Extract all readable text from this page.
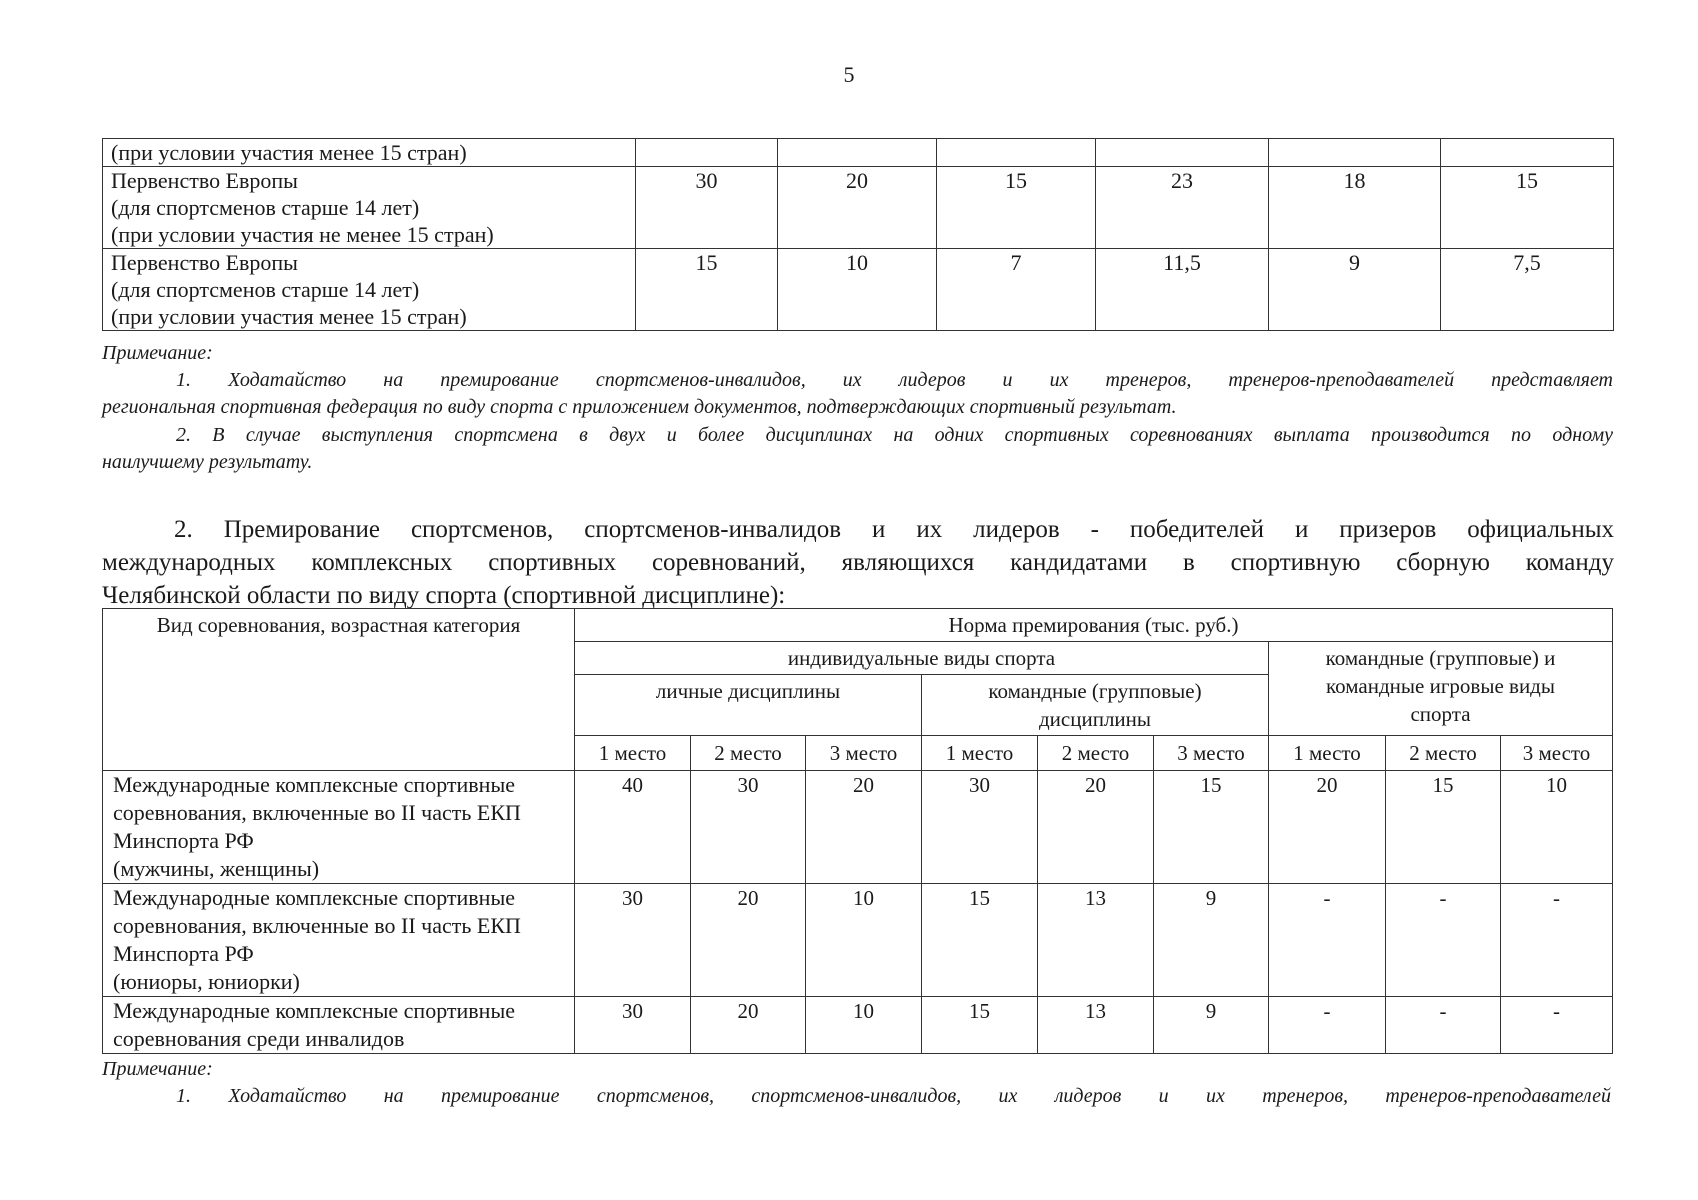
5
(при условии участия менее 15 стран)						

Первенство Европы
(для спортсменов старше 14 лет)
(при условии участия не менее 15 стран)	30	20	15	23	18	15

Первенство Европы
(для спортсменов старше 14 лет)
(при условии участия менее 15 стран)	15	10	7	11,5	9	7,5
Примечание:
1. Ходатайство на премирование спортсменов-инвалидов, их лидеров и их тренеров, тренеров-преподавателей представляет
региональная спортивная федерация по виду спорта с приложением документов, подтверждающих спортивный результат.
2. В случае выступления спортсмена в двух и более дисциплинах на одних спортивных соревнованиях выплата производится по одному
наилучшему результату.
2. Премирование спортсменов, спортсменов-инвалидов и их лидеров - победителей и призеров официальных
международных комплексных спортивных соревнований, являющихся кандидатами в спортивную сборную команду
Челябинской области по виду спорта (спортивной дисциплине):
Вид соревнования, возрастная категория	Норма премирования (тыс. руб.)								
	индивидуальные виды спорта						командные (групповые) и
командные игровые виды
спорта		

	личные дисциплины			командные (групповые)
дисциплины					

	1 место	2 место	3 место	1 место	2 место	3 место	1 место	2 место	3 место

Международные комплексные спортивные
соревнования, включенные во II часть ЕКП
Минспорта РФ
(мужчины, женщины)	40	30	20	30	20	15	20	15	10

Международные комплексные спортивные
соревнования, включенные во II часть ЕКП
Минспорта РФ
(юниоры, юниорки)	30	20	10	15	13	9	-	-	-

Международные комплексные спортивные
соревнования среди инвалидов	30	20	10	15	13	9	-	-	-
Примечание:
1. Ходатайство на премирование спортсменов, спортсменов-инвалидов, их лидеров и их тренеров, тренеров-преподавателей
